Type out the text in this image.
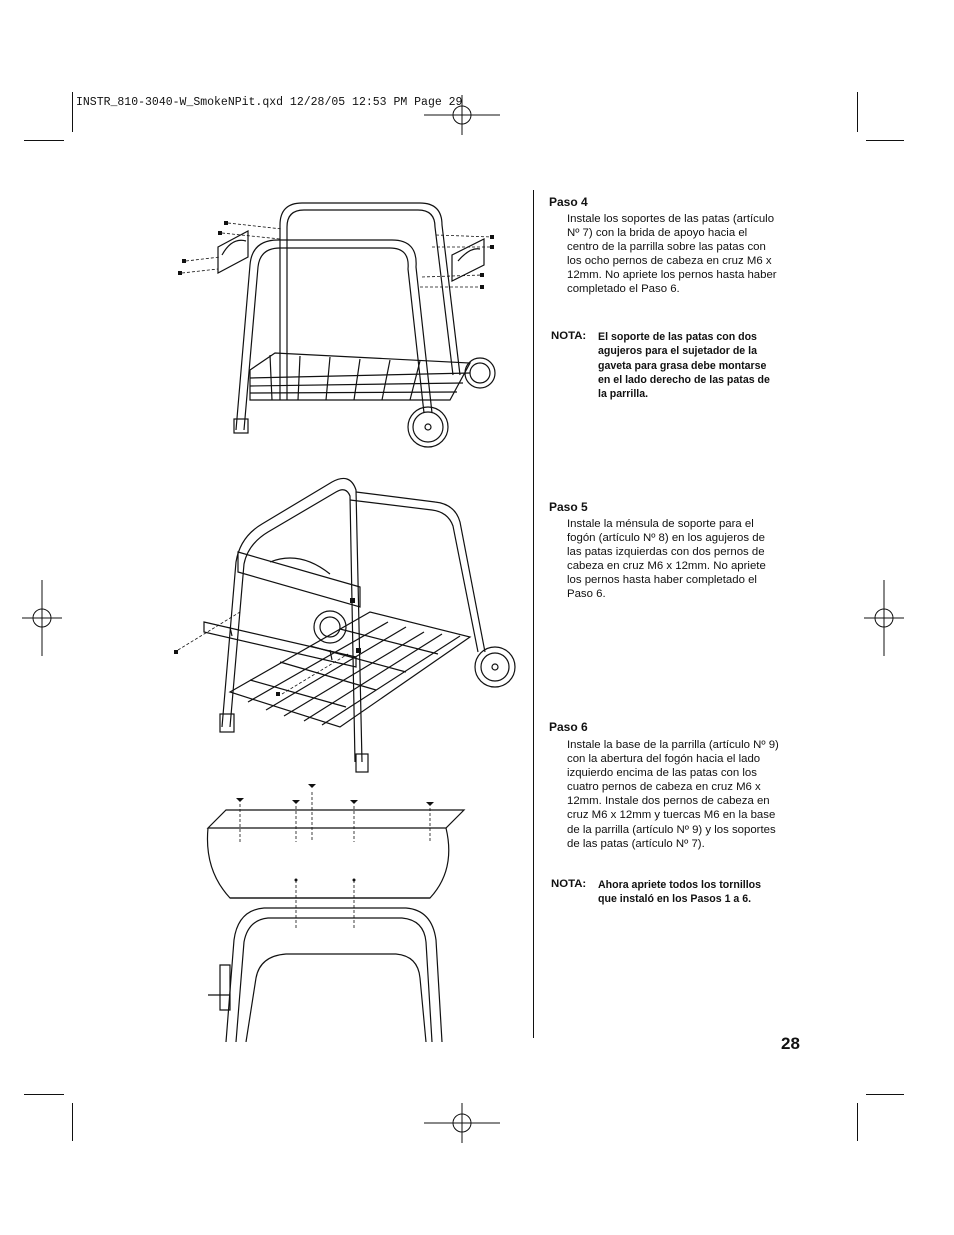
INSTR_810-3040-W_SmokeNPit.qxd 12/28/05 12:53 PM Page 29
Paso 4
Instale los soportes de las patas (artículo Nº 7) con la brida de apoyo hacia el centro de la parrilla sobre las patas con los ocho pernos de cabeza en cruz M6 x 12mm. No apriete los pernos hasta haber completado el Paso 6.
NOTA: El soporte de las patas con dos agujeros para el sujetador de la gaveta para grasa debe montarse en el lado derecho de las patas de la parrilla.
Paso 5
Instale la ménsula de soporte para el fogón (artículo Nº 8) en los agujeros de las patas izquierdas con dos pernos de cabeza en cruz M6 x 12mm. No apriete los pernos hasta haber completado el Paso 6.
Paso 6
Instale la base de la parrilla (artículo Nº 9) con la abertura del fogón hacia el lado izquierdo encima de las patas con los cuatro pernos de cabeza en cruz M6 x 12mm. Instale dos pernos de cabeza en cruz M6 x 12mm y tuercas M6 en la base de la parrilla (artículo Nº 9) y los soportes de las patas (artículo Nº 7).
NOTA: Ahora apriete todos los tornillos que instaló en los Pasos 1 a 6.
28
